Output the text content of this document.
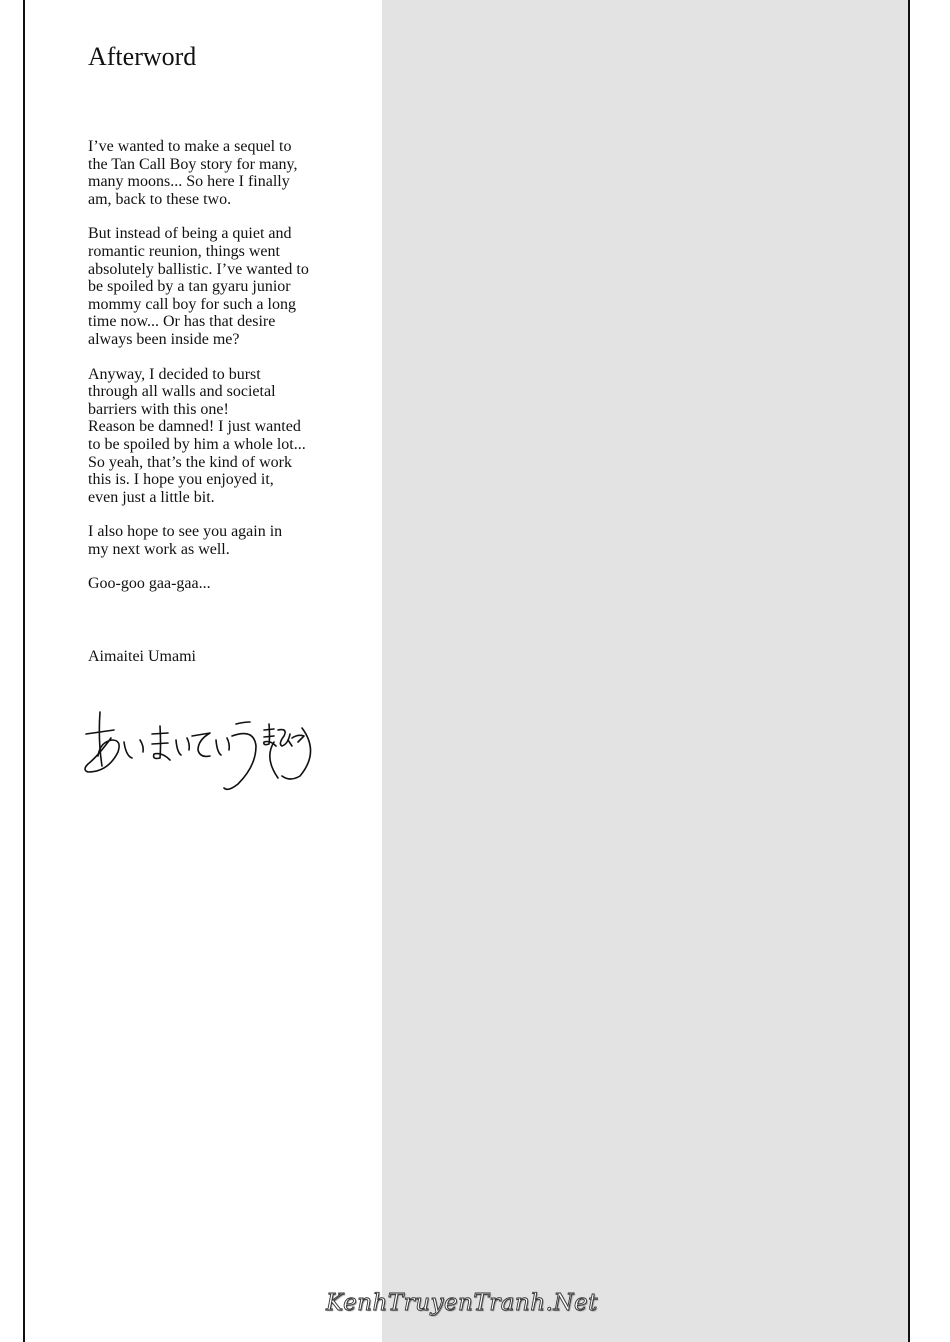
Afterword

I’ve wanted to make a sequel to
the Tan Call Boy story for many,
many moons... So here I finally
am, back to these two.

But instead of being a quiet and
romantic reunion, things went
absolutely ballistic. I’ve wanted to
be spoiled by a tan gyaru junior
mommy call boy for such a long
time now... Or has that desire
always been inside me?

Anyway, I decided to burst
through all walls and societal
barriers with this one!
Reason be damned! I just wanted
to be spoiled by him a whole lot...
So yeah, that’s the kind of work
this is. I hope you enjoyed it,
even just a little bit.

I also hope to see you again in
my next work as well.

Goo-goo gaa-gaa...

Aimaitei Umami
KenhTruyenTranh.Net
